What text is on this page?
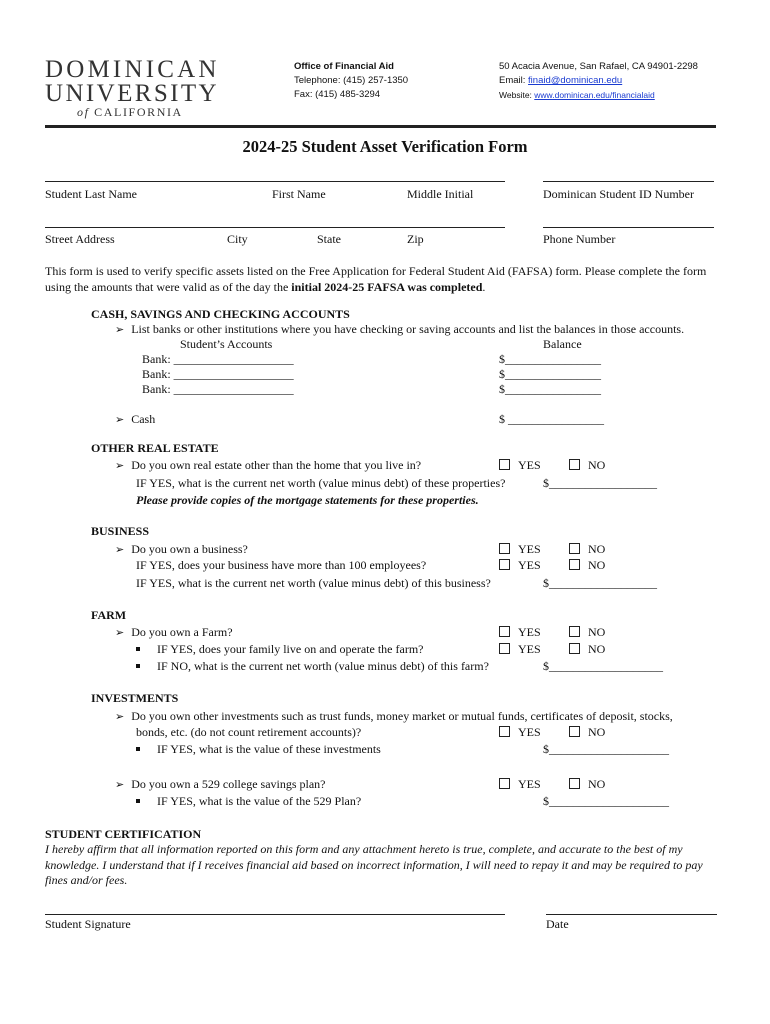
DOMINICAN
UNIVERSITY
of CALIFORNIA
Office of Financial Aid
Telephone: (415) 257-1350
Fax: (415) 485-3294
50 Acacia Avenue, San Rafael, CA 94901-2298
Email: finaid@dominican.edu
Website: www.dominican.edu/financialaid
2024-25 Student Asset Verification Form
Student Last Name	First Name	Middle Initial	Dominican Student ID Number
Street Address	City	State	Zip	Phone Number
This form is used to verify specific assets listed on the Free Application for Federal Student Aid (FAFSA) form. Please complete the form using the amounts that were valid as of the day the initial 2024-25 FAFSA was completed.
CASH, SAVINGS AND CHECKING ACCOUNTS
➢ List banks or other institutions where you have checking or saving accounts and list the balances in those accounts.
Student’s Accounts	Balance
Bank: ____________________	$________________
Bank: ____________________	$________________
Bank: ____________________	$________________
➢ Cash	$ ________________
OTHER REAL ESTATE
➢ Do you own real estate other than the home that you live in?	YES	NO
IF YES, what is the current net worth (value minus debt) of these properties?	$__________________
Please provide copies of the mortgage statements for these properties.
BUSINESS
➢ Do you own a business?	YES	NO
IF YES, does your business have more than 100 employees?	YES	NO
IF YES, what is the current net worth (value minus debt) of this business?	$__________________
FARM
➢ Do you own a Farm?	YES	NO
IF YES, does your family live on and operate the farm?	YES	NO
IF NO, what is the current net worth (value minus debt) of this farm?	$___________________
INVESTMENTS
➢ Do you own other investments such as trust funds, money market or mutual funds, certificates of deposit, stocks,
bonds, etc. (do not count retirement accounts)?	YES	NO
IF YES, what is the value of these investments	$____________________
➢ Do you own a 529 college savings plan?	YES	NO
IF YES, what is the value of the 529 Plan?	$____________________
STUDENT CERTIFICATION
I hereby affirm that all information reported on this form and any attachment hereto is true, complete, and accurate to the best of my knowledge. I understand that if I receives financial aid based on incorrect information, I will need to repay it and may be required to pay fines and/or fees.
Student Signature	Date
